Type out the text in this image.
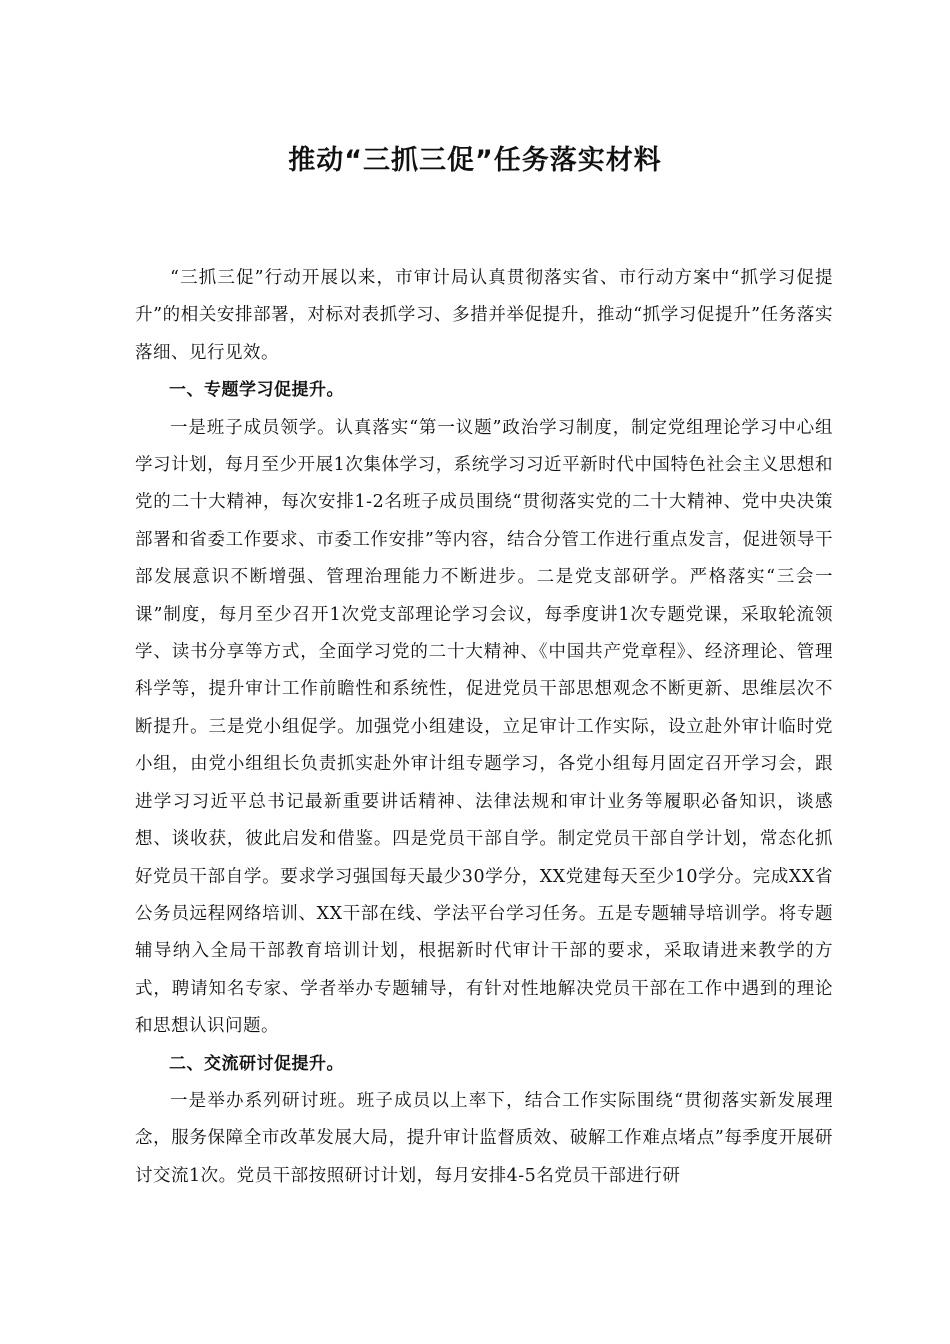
推动“三抓三促”任务落实材料

“三抓三促”行动开展以来，市审计局认真贯彻落实省、市行动方案中“抓学习促提升”的相关安排部署，对标对表抓学习、多措并举促提升，推动“抓学习促提升”任务落实落细、见行见效。

一、专题学习促提升。

一是班子成员领学。认真落实“第一议题”政治学习制度，制定党组理论学习中心组学习计划，每月至少开展1次集体学习，系统学习习近平新时代中国特色社会主义思想和党的二十大精神，每次安排1-2名班子成员围绕“贯彻落实党的二十大精神、党中央决策部署和省委工作要求、市委工作安排”等内容，结合分管工作进行重点发言，促进领导干部发展意识不断增强、管理治理能力不断进步。二是党支部研学。严格落实“三会一课”制度，每月至少召开1次党支部理论学习会议，每季度讲1次专题党课，采取轮流领学、读书分享等方式，全面学习党的二十大精神、《中国共产党章程》、经济理论、管理科学等，提升审计工作前瞻性和系统性，促进党员干部思想观念不断更新、思维层次不断提升。三是党小组促学。加强党小组建设，立足审计工作实际，设立赴外审计临时党小组，由党小组组长负责抓实赴外审计组专题学习，各党小组每月固定召开学习会，跟进学习习近平总书记最新重要讲话精神、法律法规和审计业务等履职必备知识，谈感想、谈收获，彼此启发和借鉴。四是党员干部自学。制定党员干部自学计划，常态化抓好党员干部自学。要求学习强国每天最少30学分，XX党建每天至少10学分。完成XX省公务员远程网络培训、XX干部在线、学法平台学习任务。五是专题辅导培训学。将专题辅导纳入全局干部教育培训计划，根据新时代审计干部的要求，采取请进来教学的方式，聘请知名专家、学者举办专题辅导，有针对性地解决党员干部在工作中遇到的理论和思想认识问题。

二、交流研讨促提升。

一是举办系列研讨班。班子成员以上率下，结合工作实际围绕“贯彻落实新发展理念，服务保障全市改革发展大局，提升审计监督质效、破解工作难点堵点”每季度开展研讨交流1次。党员干部按照研讨计划，每月安排4-5名党员干部进行研
